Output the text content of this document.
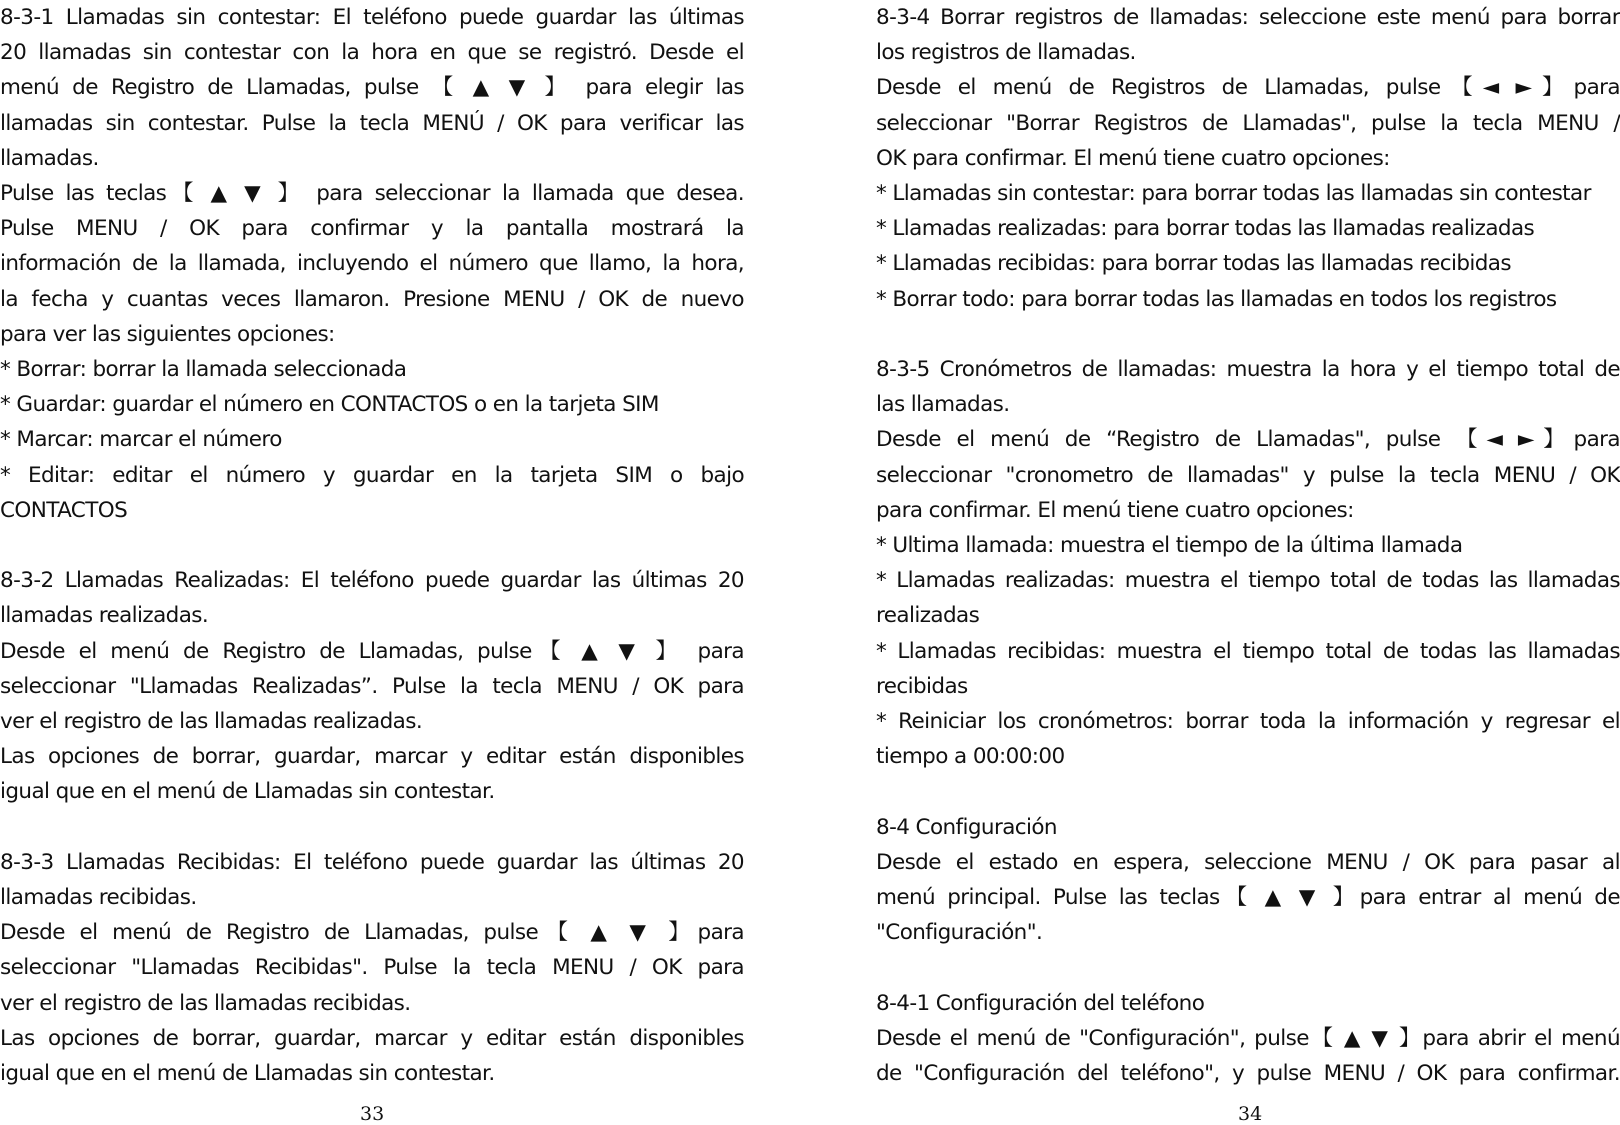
8-3-1 Llamadas sin contestar: El teléfono puede guardar las últimas

20 llamadas sin contestar con la hora en que se registró. Desde el

menú de Registro de Llamadas, pulse 【 ▲ ▼ 】 para elegir las

llamadas sin contestar. Pulse la tecla MENÚ / OK para verificar las

llamadas.

Pulse las teclas【 ▲ ▼ 】 para seleccionar la llamada que desea.

Pulse MENU / OK para confirmar y la pantalla mostrará la

información de la llamada, incluyendo el número que llamo, la hora,

la fecha y cuantas veces llamaron. Presione MENU / OK de nuevo

para ver las siguientes opciones:

* Borrar: borrar la llamada seleccionada

* Guardar: guardar el número en CONTACTOS o en la tarjeta SIM

* Marcar: marcar el número

* Editar: editar el número y guardar en la tarjeta SIM o bajo

CONTACTOS

8-3-2 Llamadas Realizadas: El teléfono puede guardar las últimas 20

llamadas realizadas.

Desde el menú de Registro de Llamadas, pulse【 ▲ ▼ 】 para

seleccionar "Llamadas Realizadas”. Pulse la tecla MENU / OK para

ver el registro de las llamadas realizadas.

Las opciones de borrar, guardar, marcar y editar están disponibles

igual que en el menú de Llamadas sin contestar.

8-3-3 Llamadas Recibidas: El teléfono puede guardar las últimas 20

llamadas recibidas.

Desde el menú de Registro de Llamadas, pulse【 ▲ ▼ 】para

seleccionar "Llamadas Recibidas". Pulse la tecla MENU / OK para

ver el registro de las llamadas recibidas.

Las opciones de borrar, guardar, marcar y editar están disponibles

igual que en el menú de Llamadas sin contestar.

33

8-3-4 Borrar registros de llamadas: seleccione este menú para borrar

los registros de llamadas.

Desde el menú de Registros de Llamadas, pulse【◄ ►】para

seleccionar "Borrar Registros de Llamadas", pulse la tecla MENU /

OK para confirmar. El menú tiene cuatro opciones:

* Llamadas sin contestar: para borrar todas las llamadas sin contestar

* Llamadas realizadas: para borrar todas las llamadas realizadas

* Llamadas recibidas: para borrar todas las llamadas recibidas

* Borrar todo: para borrar todas las llamadas en todos los registros

8-3-5 Cronómetros de llamadas: muestra la hora y el tiempo total de

las llamadas.

Desde el menú de “Registro de Llamadas", pulse 【◄ ►】para

seleccionar "cronometro de llamadas" y pulse la tecla MENU / OK

para confirmar. El menú tiene cuatro opciones:

* Ultima llamada: muestra el tiempo de la última llamada

* Llamadas realizadas: muestra el tiempo total de todas las llamadas

realizadas

* Llamadas recibidas: muestra el tiempo total de todas las llamadas

recibidas

* Reiniciar los cronómetros: borrar toda la información y regresar el

tiempo a 00:00:00

8-4 Configuración

Desde el estado en espera, seleccione MENU / OK para pasar al

menú principal. Pulse las teclas【 ▲ ▼ 】para entrar al menú de

"Configuración".

8-4-1 Configuración del teléfono

Desde el menú de "Configuración", pulse【 ▲ ▼ 】para abrir el menú

de "Configuración del teléfono", y pulse MENU / OK para confirmar.

34
